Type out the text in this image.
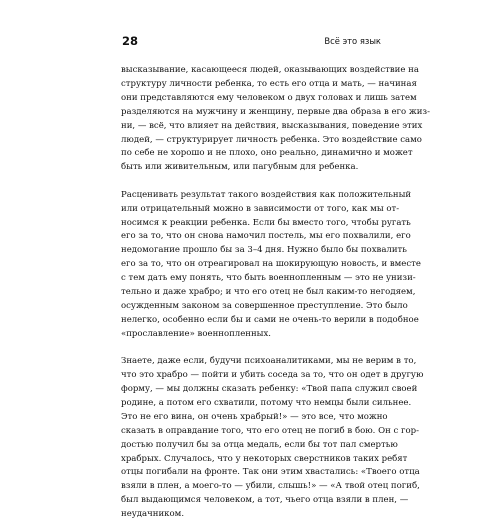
28	Всё это язык
высказывание, касающееся людей, оказывающих воздействие на
структуру личности ребенка, то есть его отца и мать, — начиная
они представляются ему человеком о двух головах и лишь затем
разделяются на мужчину и женщину, первые два образа в его жиз-
ни, — всё, что влияет на действия, высказывания, поведение этих
людей, — структурирует личность ребенка. Это воздействие само
по себе не хорошо и не плохо, оно реально, динамично и может
быть или живительным, или пагубным для ребенка.
Расценивать результат такого воздействия как положительный
или отрицательный можно в зависимости от того, как мы от-
носимся к реакции ребенка. Если бы вместо того, чтобы ругать
его за то, что он снова намочил постель, мы его похвалили, его
недомогание прошло бы за 3–4 дня. Нужно было бы похвалить
его за то, что он отреагировал на шокирующую новость, и вместе
с тем дать ему понять, что быть военнопленным — это не унизи-
тельно и даже храбро; и что его отец не был каким-то негодяем,
осужденным законом за совершенное преступление. Это было
нелегко, особенно если бы и сами не очень-то верили в подобное
«прославление» военнопленных.
Знаете, даже если, будучи психоаналитиками, мы не верим в то,
что это храбро — пойти и убить соседа за то, что он одет в другую
форму, — мы должны сказать ребенку: «Твой папа служил своей
родине, а потом его схватили, потому что немцы были сильнее.
Это не его вина, он очень храбрый!» — это все, что можно
сказать в оправдание того, что его отец не погиб в бою. Он с гор-
достью получил бы за отца медаль, если бы тот пал смертью
храбрых. Случалось, что у некоторых сверстников таких ребят
отцы погибали на фронте. Так они этим хвастались: «Твоего отца
взяли в плен, а моего-то — убили, слышь!» — «А твой отец погиб,
был выдающимся человеком, а тот, чьего отца взяли в плен, —
неудачником.
